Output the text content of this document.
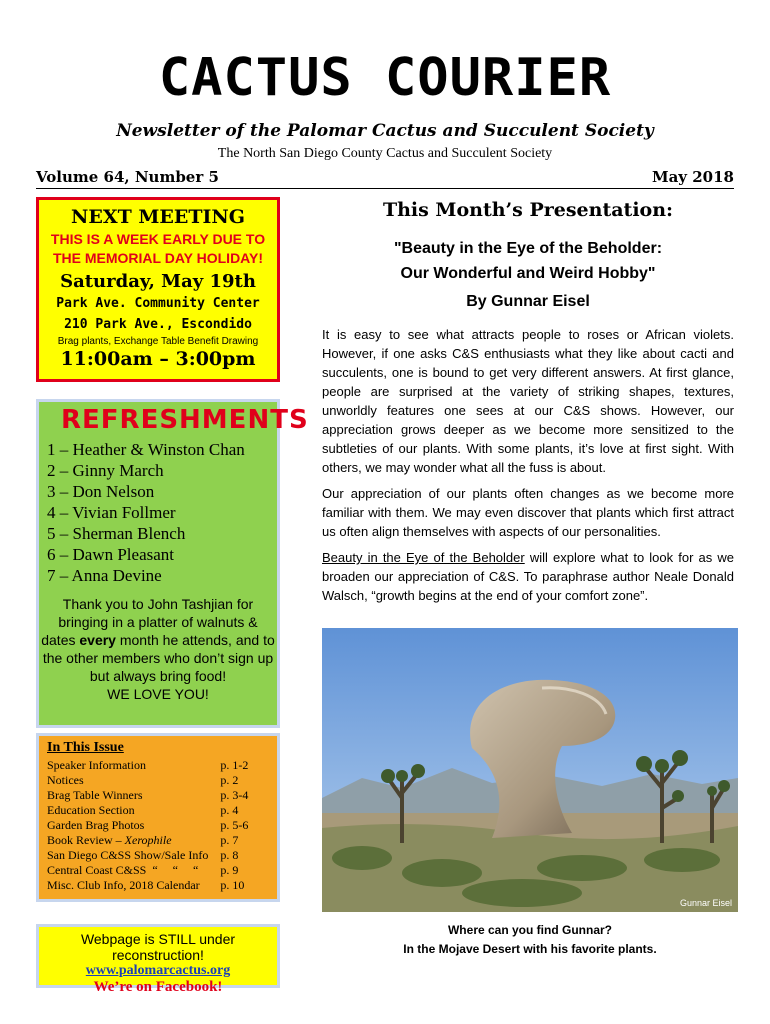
CACTUS COURIER
Newsletter of the Palomar Cactus and Succulent Society
The North San Diego County Cactus and Succulent Society
Volume 64, Number 5	May 2018
NEXT MEETING
THIS IS A WEEK EARLY DUE TO THE MEMORIAL DAY HOLIDAY!
Saturday, May 19th
Park Ave. Community Center
210 Park Ave., Escondido
Brag plants, Exchange Table Benefit Drawing
11:00am – 3:00pm
REFRESHMENTS
1 – Heather & Winston Chan
2 – Ginny March
3 – Don Nelson
4 – Vivian Follmer
5 – Sherman Blench
6 – Dawn Pleasant
7 – Anna Devine
Thank you to John Tashjian for bringing in a platter of walnuts & dates every month he attends, and to the other members who don’t sign up but always bring food!
WE LOVE YOU!
In This Issue
Speaker Information	p. 1-2
Notices	p. 2
Brag Table Winners	p. 3-4
Education Section	p. 4
Garden Brag Photos	p. 5-6
Book Review – Xerophile	p. 7
San Diego C&SS Show/Sale Info	p. 8
Central Coast C&SS  “     “     “	p. 9
Misc. Club Info, 2018 Calendar	p. 10
Webpage is STILL under reconstruction!
www.palomarcactus.org
We’re on Facebook!
This Month’s Presentation:
"Beauty in the Eye of the Beholder:
Our Wonderful and Weird Hobby"
By Gunnar Eisel

It is easy to see what attracts people to roses or African violets. However, if one asks C&S enthusiasts what they like about cacti and succulents, one is bound to get very different answers. At first glance, people are surprised at the variety of striking shapes, textures, unworldly features one sees at our C&S shows. However, our appreciation grows deeper as we become more sensitized to the subtleties of our plants. With some plants, it’s love at first sight. With others, we may wonder what all the fuss is about.

Our appreciation of our plants often changes as we become more familiar with them. We may even discover that plants which first attract us often align themselves with aspects of our personalities.

Beauty in the Eye of the Beholder will explore what to look for as we broaden our appreciation of C&S. To paraphrase author Neale Donald Walsch, “growth begins at the end of your comfort zone”.

Gunnar Eisel
Where can you find Gunnar?
In the Mojave Desert with his favorite plants.
